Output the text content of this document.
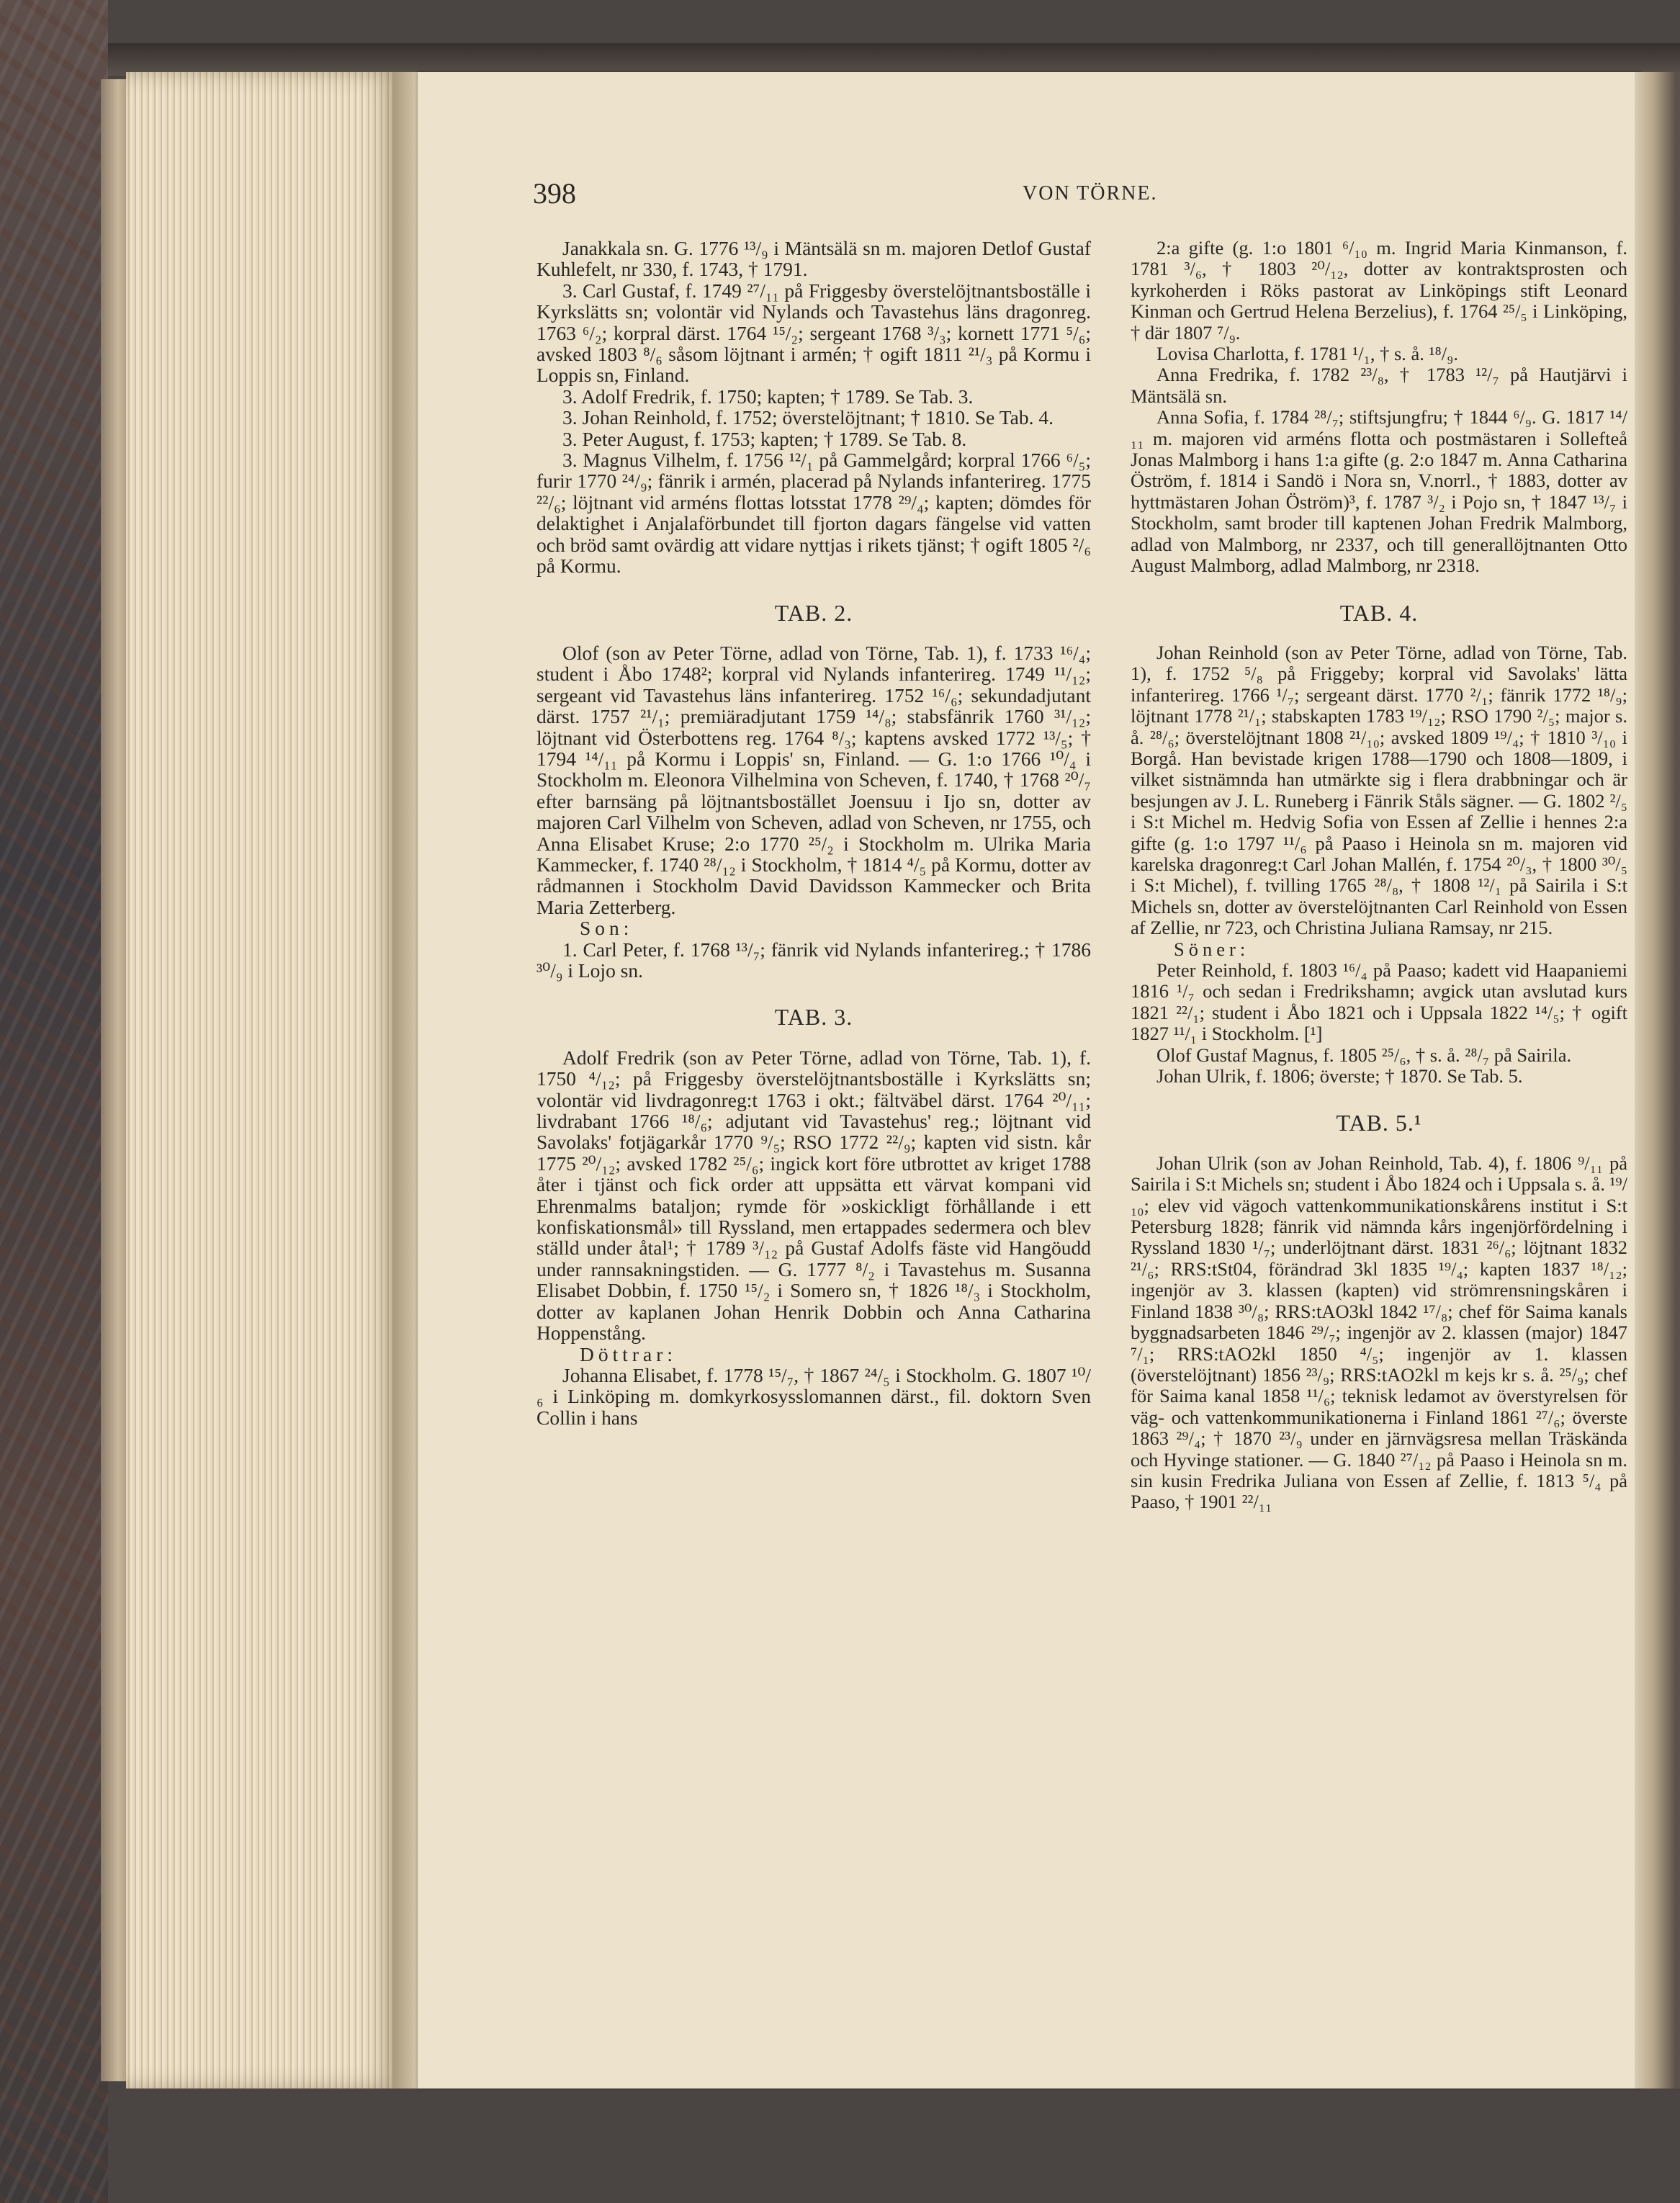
398	VON TÖRNE.

Janakkala sn. G. 1776 ¹³/₉ i Mäntsälä sn m. majoren Detlof Gustaf Kuhlefelt, nr 330, f. 1743, † 1791.

3. Carl Gustaf, f. 1749 ²⁷/₁₁ på Friggesby överstelöjtnantsboställe i Kyrkslätts sn; volontär vid Nylands och Tavastehus läns dragonreg. 1763 ⁶/₂; korpral därst. 1764 ¹⁵/₂; sergeant 1768 ³/₃; kornett 1771 ⁵/₆; avsked 1803 ⁸/₆ såsom löjtnant i armén; † ogift 1811 ²¹/₃ på Kormu i Loppis sn, Finland.

3. Adolf Fredrik, f. 1750; kapten; † 1789. Se Tab. 3.

3. Johan Reinhold, f. 1752; överstelöjtnant; † 1810. Se Tab. 4.

3. Peter August, f. 1753; kapten; † 1789. Se Tab. 8.

3. Magnus Vilhelm, f. 1756 ¹²/₁ på Gammelgård; korpral 1766 ⁶/₅; furir 1770 ²⁴/₉; fänrik i armén, placerad på Nylands infanterireg. 1775 ²²/₆; löjtnant vid arméns flottas lotsstat 1778 ²⁹/₄; kapten; dömdes för delaktighet i Anjalaförbundet till fjorton dagars fängelse vid vatten och bröd samt ovärdig att vidare nyttjas i rikets tjänst; † ogift 1805 ²/₆ på Kormu.

TAB. 2.

Olof (son av Peter Törne, adlad von Törne, Tab. 1), f. 1733 ¹⁶/₄; student i Åbo 1748²; korpral vid Nylands infanterireg. 1749 ¹¹/₁₂; sergeant vid Tavastehus läns infanterireg. 1752 ¹⁶/₆; sekundadjutant därst. 1757 ²¹/₁; premiäradjutant 1759 ¹⁴/₈; stabsfänrik 1760 ³¹/₁₂; löjtnant vid Österbottens reg. 1764 ⁸/₃; kaptens avsked 1772 ¹³/₅; † 1794 ¹⁴/₁₁ på Kormu i Loppis' sn, Finland. — G. 1:o 1766 ¹⁰/₄ i Stockholm m. Eleonora Vilhelmina von Scheven, f. 1740, † 1768 ²⁰/₇ efter barnsäng på löjtnantsbostället Joensuu i Ijo sn, dotter av majoren Carl Vilhelm von Scheven, adlad von Scheven, nr 1755, och Anna Elisabet Kruse; 2:o 1770 ²⁵/₂ i Stockholm m. Ulrika Maria Kammecker, f. 1740 ²⁸/₁₂ i Stockholm, † 1814 ⁴/₅ på Kormu, dotter av rådmannen i Stockholm David Davidsson Kammecker och Brita Maria Zetterberg.

Son:

1. Carl Peter, f. 1768 ¹³/₇; fänrik vid Nylands infanterireg.; † 1786 ³⁰/₉ i Lojo sn.

TAB. 3.

Adolf Fredrik (son av Peter Törne, adlad von Törne, Tab. 1), f. 1750 ⁴/₁₂; på Friggesby överstelöjtnantsboställe i Kyrkslätts sn; volontär vid livdragonreg:t 1763 i okt.; fältväbel därst. 1764 ²⁰/₁₁; livdrabant 1766 ¹⁸/₆; adjutant vid Tavastehus' reg.; löjtnant vid Savolaks' fotjägarkår 1770 ⁹/₅; RSO 1772 ²²/₉; kapten vid sistn. kår 1775 ²⁰/₁₂; avsked 1782 ²⁵/₆; ingick kort före utbrottet av kriget 1788 åter i tjänst och fick order att uppsätta ett värvat kompani vid Ehrenmalms bataljon; rymde för »oskickligt förhållande i ett konfiskationsmål» till Ryssland, men ertappades sedermera och blev ställd under åtal¹; † 1789 ³/₁₂ på Gustaf Adolfs fäste vid Hangöudd under rannsakningstiden. — G. 1777 ⁸/₂ i Tavastehus m. Susanna Elisabet Dobbin, f. 1750 ¹⁵/₂ i Somero sn, † 1826 ¹⁸/₃ i Stockholm, dotter av kaplanen Johan Henrik Dobbin och Anna Catharina Hoppenstång.

Döttrar:

Johanna Elisabet, f. 1778 ¹⁵/₇, † 1867 ²⁴/₅ i Stockholm. G. 1807 ¹⁰/₆ i Linköping m. domkyrkosysslomannen därst., fil. doktorn Sven Collin i hans

2:a gifte (g. 1:o 1801 ⁶/₁₀ m. Ingrid Maria Kinmanson, f. 1781 ³/₆, † 1803 ²⁰/₁₂, dotter av kontraktsprosten och kyrkoherden i Röks pastorat av Linköpings stift Leonard Kinman och Gertrud Helena Berzelius), f. 1764 ²⁵/₅ i Linköping, † där 1807 ⁷/₉.

Lovisa Charlotta, f. 1781 ¹/₁, † s. å. ¹⁸/₉.

Anna Fredrika, f. 1782 ²³/₈, † 1783 ¹²/₇ på Hautjärvi i Mäntsälä sn.

Anna Sofia, f. 1784 ²⁸/₇; stiftsjungfru; † 1844 ⁶/₉. G. 1817 ¹⁴/₁₁ m. majoren vid arméns flotta och postmästaren i Sollefteå Jonas Malmborg i hans 1:a gifte (g. 2:o 1847 m. Anna Catharina Öström, f. 1814 i Sandö i Nora sn, V.norrl., † 1883, dotter av hyttmästaren Johan Öström)³, f. 1787 ³/₂ i Pojo sn, † 1847 ¹³/₇ i Stockholm, samt broder till kaptenen Johan Fredrik Malmborg, adlad von Malmborg, nr 2337, och till generallöjtnanten Otto August Malmborg, adlad Malmborg, nr 2318.

TAB. 4.

Johan Reinhold (son av Peter Törne, adlad von Törne, Tab. 1), f. 1752 ⁵/₈ på Friggeby; korpral vid Savolaks' lätta infanterireg. 1766 ¹/₇; sergeant därst. 1770 ²/₁; fänrik 1772 ¹⁸/₉; löjtnant 1778 ²¹/₁; stabskapten 1783 ¹⁹/₁₂; RSO 1790 ²/₅; major s. å. ²⁸/₆; överstelöjtnant 1808 ²¹/₁₀; avsked 1809 ¹⁹/₄; † 1810 ³/₁₀ i Borgå. Han bevistade krigen 1788—1790 och 1808—1809, i vilket sistnämnda han utmärkte sig i flera drabbningar och är besjungen av J. L. Runeberg i Fänrik Ståls sägner. — G. 1802 ²/₅ i S:t Michel m. Hedvig Sofia von Essen af Zellie i hennes 2:a gifte (g. 1:o 1797 ¹¹/₆ på Paaso i Heinola sn m. majoren vid karelska dragonreg:t Carl Johan Mallén, f. 1754 ²⁰/₃, † 1800 ³⁰/₅ i S:t Michel), f. tvilling 1765 ²⁸/₈, † 1808 ¹²/₁ på Sairila i S:t Michels sn, dotter av överstelöjtnanten Carl Reinhold von Essen af Zellie, nr 723, och Christina Juliana Ramsay, nr 215.

Söner:

Peter Reinhold, f. 1803 ¹⁶/₄ på Paaso; kadett vid Haapaniemi 1816 ¹/₇ och sedan i Fredrikshamn; avgick utan avslutad kurs 1821 ²²/₁; student i Åbo 1821 och i Uppsala 1822 ¹⁴/₅; † ogift 1827 ¹¹/₁ i Stockholm. [¹]

Olof Gustaf Magnus, f. 1805 ²⁵/₆, † s. å. ²⁸/₇ på Sairila.

Johan Ulrik, f. 1806; överste; † 1870. Se Tab. 5.

TAB. 5.¹

Johan Ulrik (son av Johan Reinhold, Tab. 4), f. 1806 ⁹/₁₁ på Sairila i S:t Michels sn; student i Åbo 1824 och i Uppsala s. å. ¹⁹/₁₀; elev vid vägoch vattenkommunikationskårens institut i S:t Petersburg 1828; fänrik vid nämnda kårs ingenjörfördelning i Ryssland 1830 ¹/₇; underlöjtnant därst. 1831 ²⁶/₆; löjtnant 1832 ²¹/₆; RRS:tSt04, förändrad 3kl 1835 ¹⁹/₄; kapten 1837 ¹⁸/₁₂; ingenjör av 3. klassen (kapten) vid strömrensningskåren i Finland 1838 ³⁰/₈; RRS:tAO3kl 1842 ¹⁷/₈; chef för Saima kanals byggnadsarbeten 1846 ²⁹/₇; ingenjör av 2. klassen (major) 1847 ⁷/₁; RRS:tAO2kl 1850 ⁴/₅; ingenjör av 1. klassen (överstelöjtnant) 1856 ²³/₉; RRS:tAO2kl m kejs kr s. å. ²⁵/₉; chef för Saima kanal 1858 ¹¹/₆; teknisk ledamot av överstyrelsen för väg- och vattenkommunikationerna i Finland 1861 ²⁷/₆; överste 1863 ²⁹/₄; † 1870 ²³/₉ under en järnvägsresa mellan Träskända och Hyvinge stationer. — G. 1840 ²⁷/₁₂ på Paaso i Heinola sn m. sin kusin Fredrika Juliana von Essen af Zellie, f. 1813 ⁵/₄ på Paaso, † 1901 ²²/₁₁
